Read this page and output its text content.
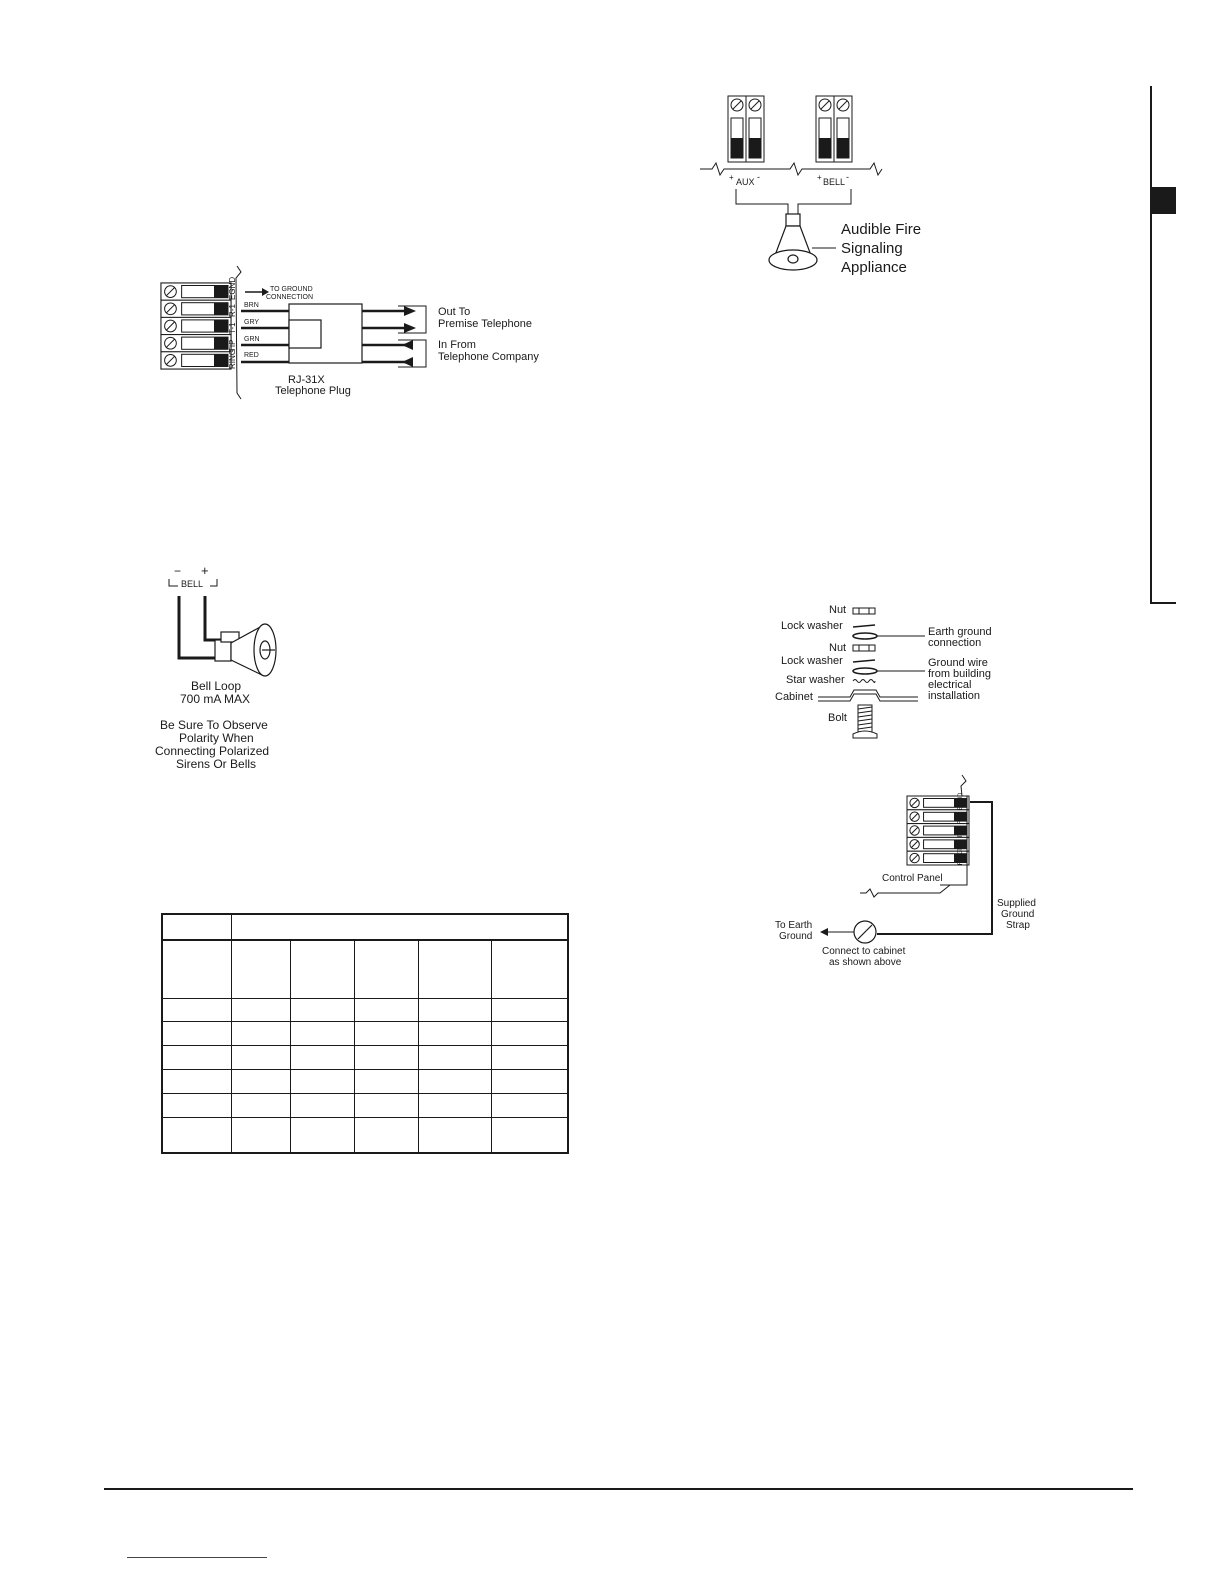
TO GROUND
CONNECTION
BRN
GRY
GRN
RED
RJ-31X
Telephone Plug
Out To
Premise Telephone
In From
Telephone Company
EGND
R-1
T-1
TIP
RING
− +
BELL
Bell Loop
700 mA MAX
Be Sure To Observe
Polarity When
Connecting Polarized
Sirens Or Bells

+ AUX -	+ BELL -
Audible Fire
Signaling
Appliance
Nut
Lock washer
Nut
Lock washer
Star washer
Cabinet
Bolt
Earth ground
connection
Ground wire
from building
electrical
installation
Control Panel
Supplied
Ground
Strap
To Earth
Ground
Connect to cabinet
as shown above
EGND
R-1
T-1
TIP
RING
